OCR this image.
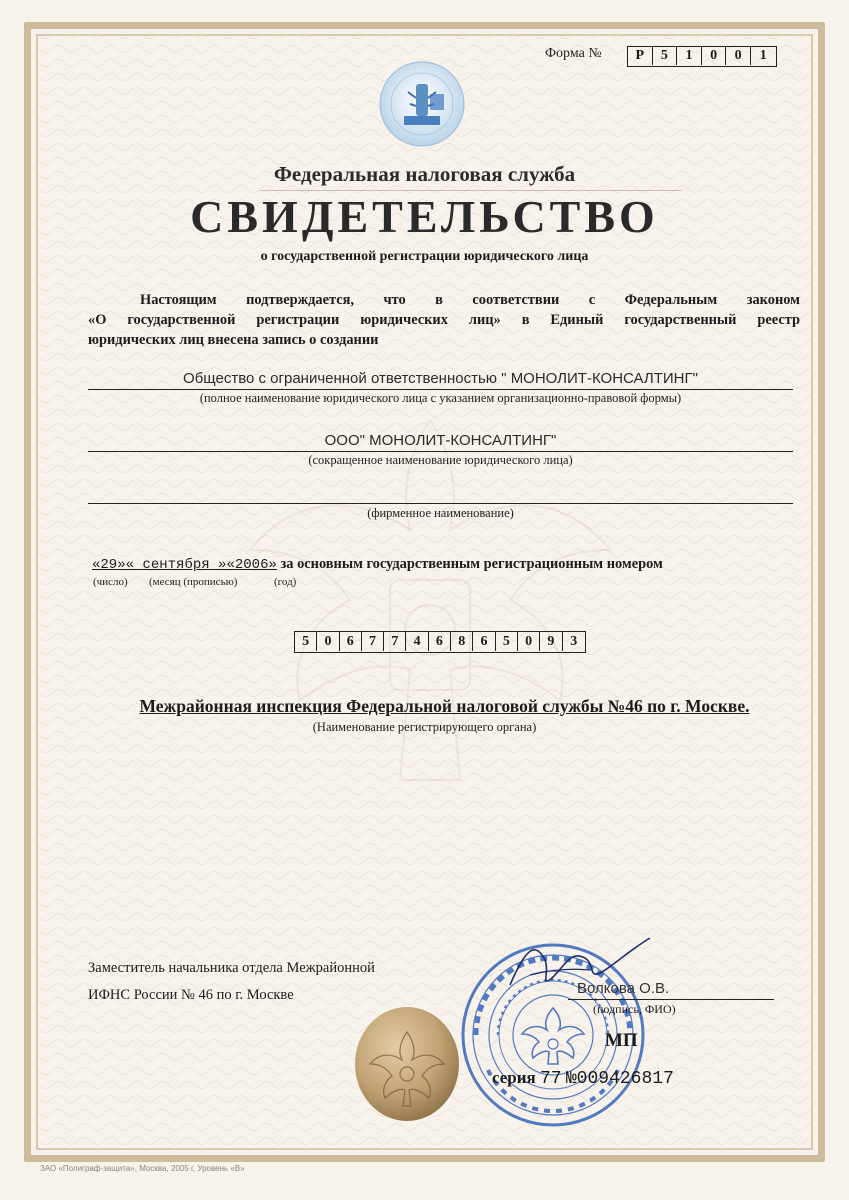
Форма №	Р	5	1	0	0	1
Федеральная налоговая служба
СВИДЕТЕЛЬСТВО
о государственной регистрации юридического лица
Настоящим подтверждается, что в соответствии с Федеральным законом
«О государственной регистрации юридических лиц» в Единый государственный реестр
юридических лиц внесена запись о создании
Общество с ограниченной ответственностью " МОНОЛИТ-КОНСАЛТИНГ"
(полное наименование юридического лица с указанием организационно-правовой формы)
ООО" МОНОЛИТ-КОНСАЛТИНГ"
(сокращенное наименование юридического лица)
(фирменное наименование)
«29»« сентября »«2006» за основным государственным регистрационным номером
(число) (месяц (прописью)	(год)
5	0	6	7	7	4	6	8	6	5	0	9	3
Межрайонная инспекция Федеральной налоговой службы №46 по г. Москве.
(Наименование регистрирующего органа)
Заместитель начальника отдела Межрайонной
ИФНС России № 46 по г. Москве	Волкова О.В.
(подпись, ФИО)
МП
серия 77 №009426817
ЗАО «Полиграф-защита», Москва, 2005 г, Уровень «В»
